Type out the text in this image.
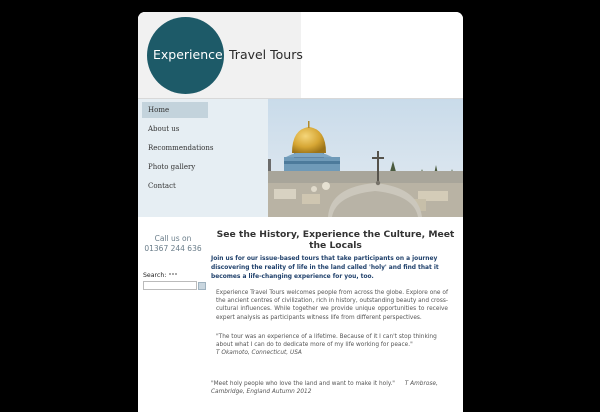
Experience Travel Tours
Home
About us
Recommendations
Photo gallery
Contact
Call us on
01367 244 636
Search:
See the History, Experience the Culture, Meet the Locals
Join us for our issue-based tours that take participants on a journey discovering the reality of life in the land called 'holy' and find that it becomes a life-changing experience for you, too.
Experience Travel Tours welcomes people from across the globe. Explore one of the ancient centres of civilization, rich in history, outstanding beauty and cross-cultural influences. While together we provide unique opportunities to receive expert analysis as participants witness life from different perspectives.
"The tour was an experience of a lifetime. Because of it I can't stop thinking about what I can do to dedicate more of my life working for peace."
T Okamoto, Connecticut, USA
"Meet holy people who love the land and want to make it holy." T Ambrose, Cambridge, England Autumn 2012
